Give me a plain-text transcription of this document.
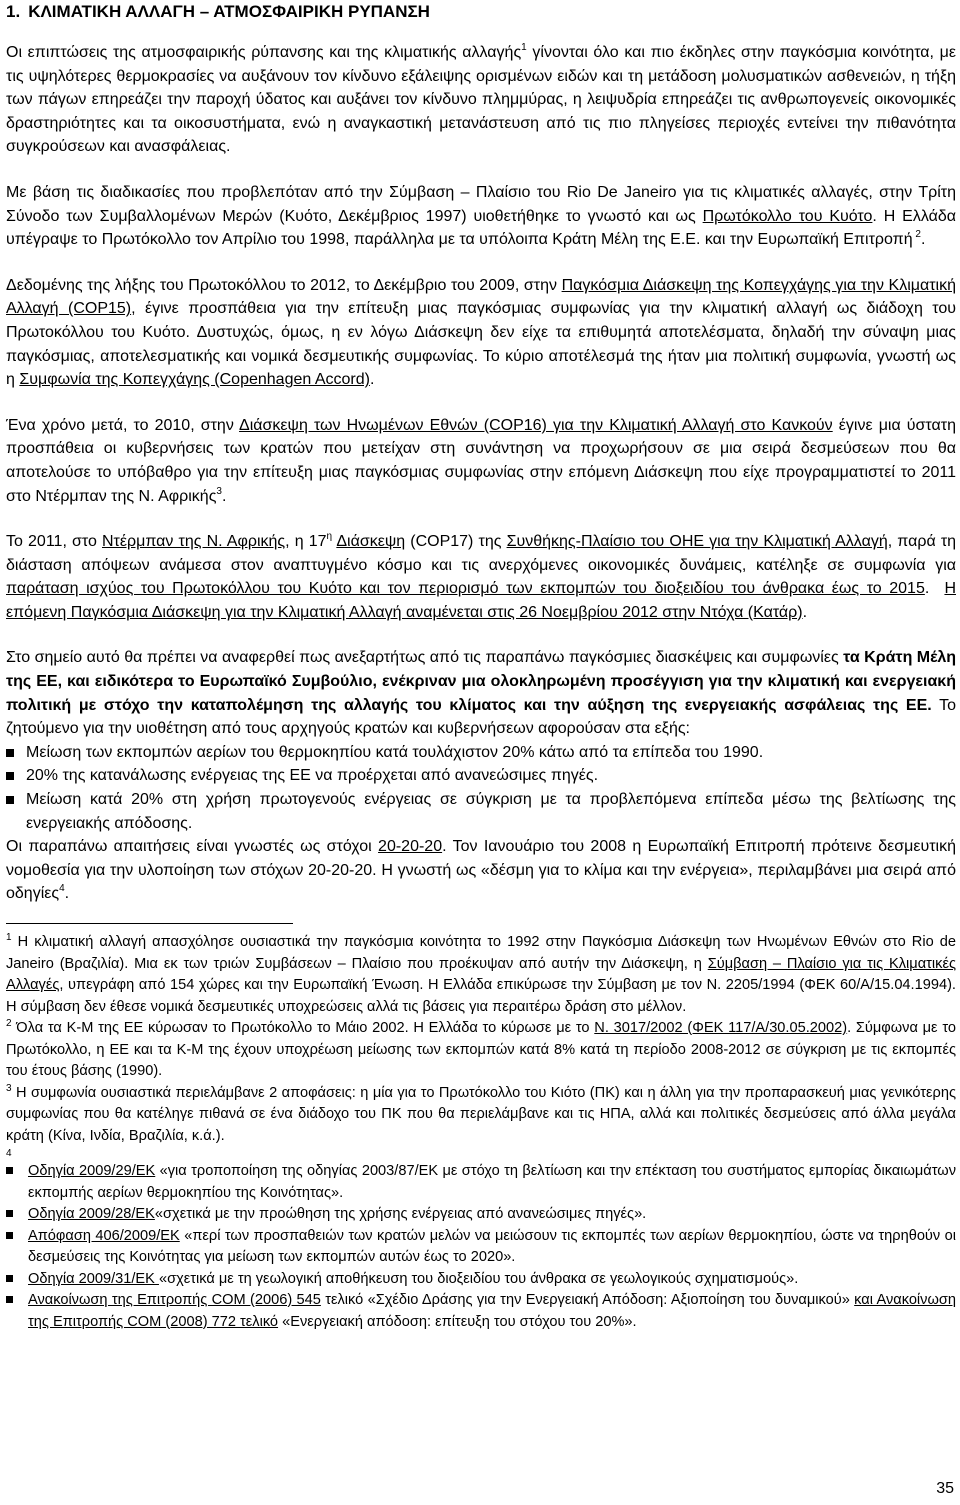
1. ΚΛΙΜΑΤΙΚΗ ΑΛΛΑΓΗ – ΑΤΜΟΣΦΑΙΡΙΚΗ ΡΥΠΑΝΣΗ

Οι επιπτώσεις της ατμοσφαιρικής ρύπανσης και της κλιματικής αλλαγής$^1$ γίνονται όλο και πιο έκδηλες στην παγκόσμια κοινότητα, με τις υψηλότερες θερμοκρασίες να αυξάνουν τον κίνδυνο εξάλειψης ορισμένων ειδών και τη μετάδοση μολυσματικών ασθενειών, η τήξη των πάγων επηρεάζει την παροχή ύδατος και αυξάνει τον κίνδυνο πλημμύρας, η λειψυδρία επηρεάζει τις ανθρωπογενείς οικονομικές δραστηριότητες και τα οικοσυστήματα, ενώ η αναγκαστική μετανάστευση από τις πιο πληγείσες περιοχές εντείνει την πιθανότητα συγκρούσεων και ανασφάλειας.

Με βάση τις διαδικασίες που προβλεπόταν από την Σύμβαση – Πλαίσιο του Rio De Janeiro για τις κλιματικές αλλαγές, στην Τρίτη Σύνοδο των Συμβαλλομένων Μερών (Κυότο, Δεκέμβριος 1997) υιοθετήθηκε το γνωστό και ως Πρωτόκολλο του Κυότο. Η Ελλάδα υπέγραψε το Πρωτόκολλο τον Απρίλιο του 1998, παράλληλα με τα υπόλοιπα Κράτη Μέλη της Ε.Ε. και την Ευρωπαϊκή Επιτροπή $^2$.

Δεδομένης της λήξης του Πρωτοκόλλου το 2012, το Δεκέμβριο του 2009, στην Παγκόσμια Διάσκεψη της Κοπεγχάγης για την Κλιματική Αλλαγή (COP15), έγινε προσπάθεια για την επίτευξη μιας παγκόσμιας συμφωνίας για την κλιματική αλλαγή ως διάδοχη του Πρωτοκόλλου του Κυότο. Δυστυχώς, όμως, η εν λόγω Διάσκεψη δεν είχε τα επιθυμητά αποτελέσματα, δηλαδή την σύναψη μιας παγκόσμιας, αποτελεσματικής και νομικά δεσμευτικής συμφωνίας. Το κύριο αποτέλεσμά της ήταν μια πολιτική συμφωνία, γνωστή ως η Συμφωνία της Κοπεγχάγης (Copenhagen Accord).

Ένα χρόνο μετά, το 2010, στην Διάσκεψη των Ηνωμένων Εθνών (COP16) για την Κλιματική Αλλαγή στο Κανκούν έγινε μια ύστατη προσπάθεια οι κυβερνήσεις των κρατών που μετείχαν στη συνάντηση να προχωρήσουν σε μια σειρά δεσμεύσεων που θα αποτελούσε το υπόβαθρο για την επίτευξη μιας παγκόσμιας συμφωνίας στην επόμενη Διάσκεψη που είχε προγραμματιστεί το 2011 στο Ντέρμπαν της Ν. Αφρικής$^3$.

Το 2011, στο Ντέρμπαν της Ν. Αφρικής, η $17^\eta$ Διάσκεψη (COP17) της Συνθήκης-Πλαίσιο του ΟΗΕ για την Κλιματική Αλλαγή, παρά τη διάσταση απόψεων ανάμεσα στον αναπτυγμένο κόσμο και τις ανερχόμενες οικονομικές δυνάμεις, κατέληξε σε συμφωνία για παράταση ισχύος του Πρωτοκόλλου του Κυότο και τον περιορισμό των εκπομπών του διοξειδίου του άνθρακα έως το 2015.  Η επόμενη Παγκόσμια Διάσκεψη για την Κλιματική Αλλαγή αναμένεται στις 26 Νοεμβρίου 2012 στην Ντόχα (Κατάρ).

Στο σημείο αυτό θα πρέπει να αναφερθεί πως ανεξαρτήτως από τις παραπάνω παγκόσμιες διασκέψεις και συμφωνίες τα Κράτη Μέλη της ΕΕ, και ειδικότερα το Ευρωπαϊκό Συμβούλιο, ενέκριναν μια ολοκληρωμένη προσέγγιση για την κλιματική και ενεργειακή πολιτική με στόχο την καταπολέμηση της αλλαγής του κλίματος και την αύξηση της ενεργειακής ασφάλειας της ΕΕ. Το ζητούμενο για την υιοθέτηση από τους αρχηγούς κρατών και κυβερνήσεων αφορούσαν στα εξής:

Μείωση των εκπομπών αερίων του θερμοκηπίου κατά τουλάχιστον 20% κάτω από τα επίπεδα του 1990.
20% της κατανάλωσης ενέργειας της ΕΕ να προέρχεται από ανανεώσιμες πηγές.
Μείωση κατά 20% στη χρήση πρωτογενούς ενέργειας σε σύγκριση με τα προβλεπόμενα επίπεδα μέσω της βελτίωσης της ενεργειακής απόδοσης.

Οι παραπάνω απαιτήσεις είναι γνωστές ως στόχοι 20-20-20. Τον Ιανουάριο του 2008 η Ευρωπαϊκή Επιτροπή πρότεινε δεσμευτική νομοθεσία για την υλοποίηση των στόχων 20-20-20. Η γνωστή ως «δέσμη για το κλίμα και την ενέργεια», περιλαμβάνει μια σειρά από οδηγίες$^4$.

$^1$ Η κλιματική αλλαγή απασχόλησε ουσιαστικά την παγκόσμια κοινότητα το 1992 στην Παγκόσμια Διάσκεψη των Ηνωμένων Εθνών στο Rio de Janeiro (Βραζιλία). Μια εκ των τριών Συμβάσεων – Πλαίσιο που προέκυψαν από αυτήν την Διάσκεψη, η Σύμβαση – Πλαίσιο για τις Κλιματικές Αλλαγές, υπεγράφη από 154 χώρες και την Ευρωπαϊκή Ένωση. Η Ελλάδα επικύρωσε την Σύμβαση με τον Ν. 2205/1994 (ΦΕΚ 60/Α/15.04.1994). Η σύμβαση δεν έθεσε νομικά δεσμευτικές υποχρεώσεις αλλά τις βάσεις για περαιτέρω δράση στο μέλλον.

$^2$ Όλα τα Κ-Μ της ΕΕ κύρωσαν το Πρωτόκολλο το Μάιο 2002. Η Ελλάδα το κύρωσε με το Ν. 3017/2002 (ΦΕΚ 117/Α/30.05.2002). Σύμφωνα με το Πρωτόκολλο, η ΕΕ και τα Κ-Μ της έχουν υποχρέωση μείωσης των εκπομπών κατά 8% κατά τη περίοδο 2008-2012 σε σύγκριση με τις εκπομπές του έτους βάσης (1990).

$^3$ Η συμφωνία ουσιαστικά περιελάμβανε 2 αποφάσεις: η μία για το Πρωτόκολλο του Κιότο (ΠΚ) και η άλλη για την προπαρασκευή μιας γενικότερης συμφωνίας που θα κατέληγε πιθανά σε ένα διάδοχο του ΠΚ που θα περιελάμβανε και τις ΗΠΑ, αλλά και πολιτικές δεσμεύσεις από άλλα μεγάλα κράτη (Κίνα, Ινδία, Βραζιλία, κ.ά.).

4
Οδηγία 2009/29/ΕΚ «για τροποποίηση της οδηγίας 2003/87/ΕΚ με στόχο τη βελτίωση και την επέκταση του συστήματος εμπορίας δικαιωμάτων εκπομπής αερίων θερμοκηπίου της Κοινότητας».
Οδηγία 2009/28/ΕΚ«σχετικά με την προώθηση της χρήσης ενέργειας από ανανεώσιμες πηγές».
Απόφαση 406/2009/ΕΚ «περί των προσπαθειών των κρατών μελών να μειώσουν τις εκπομπές των αερίων θερμοκηπίου, ώστε να τηρηθούν οι δεσμεύσεις της Κοινότητας για μείωση των εκπομπών αυτών έως το 2020».
Οδηγία 2009/31/ΕΚ «σχετικά με τη γεωλογική αποθήκευση του διοξειδίου του άνθρακα σε γεωλογικούς σχηματισμούς».
Ανακοίνωση της Επιτροπής COM (2006) 545 τελικό «Σχέδιο Δράσης για την Ενεργειακή Απόδοση: Αξιοποίηση του δυναμικού» και Ανακοίνωση της Επιτροπής COM (2008) 772 τελικό «Ενεργειακή απόδοση: επίτευξη του στόχου του 20%».
35
